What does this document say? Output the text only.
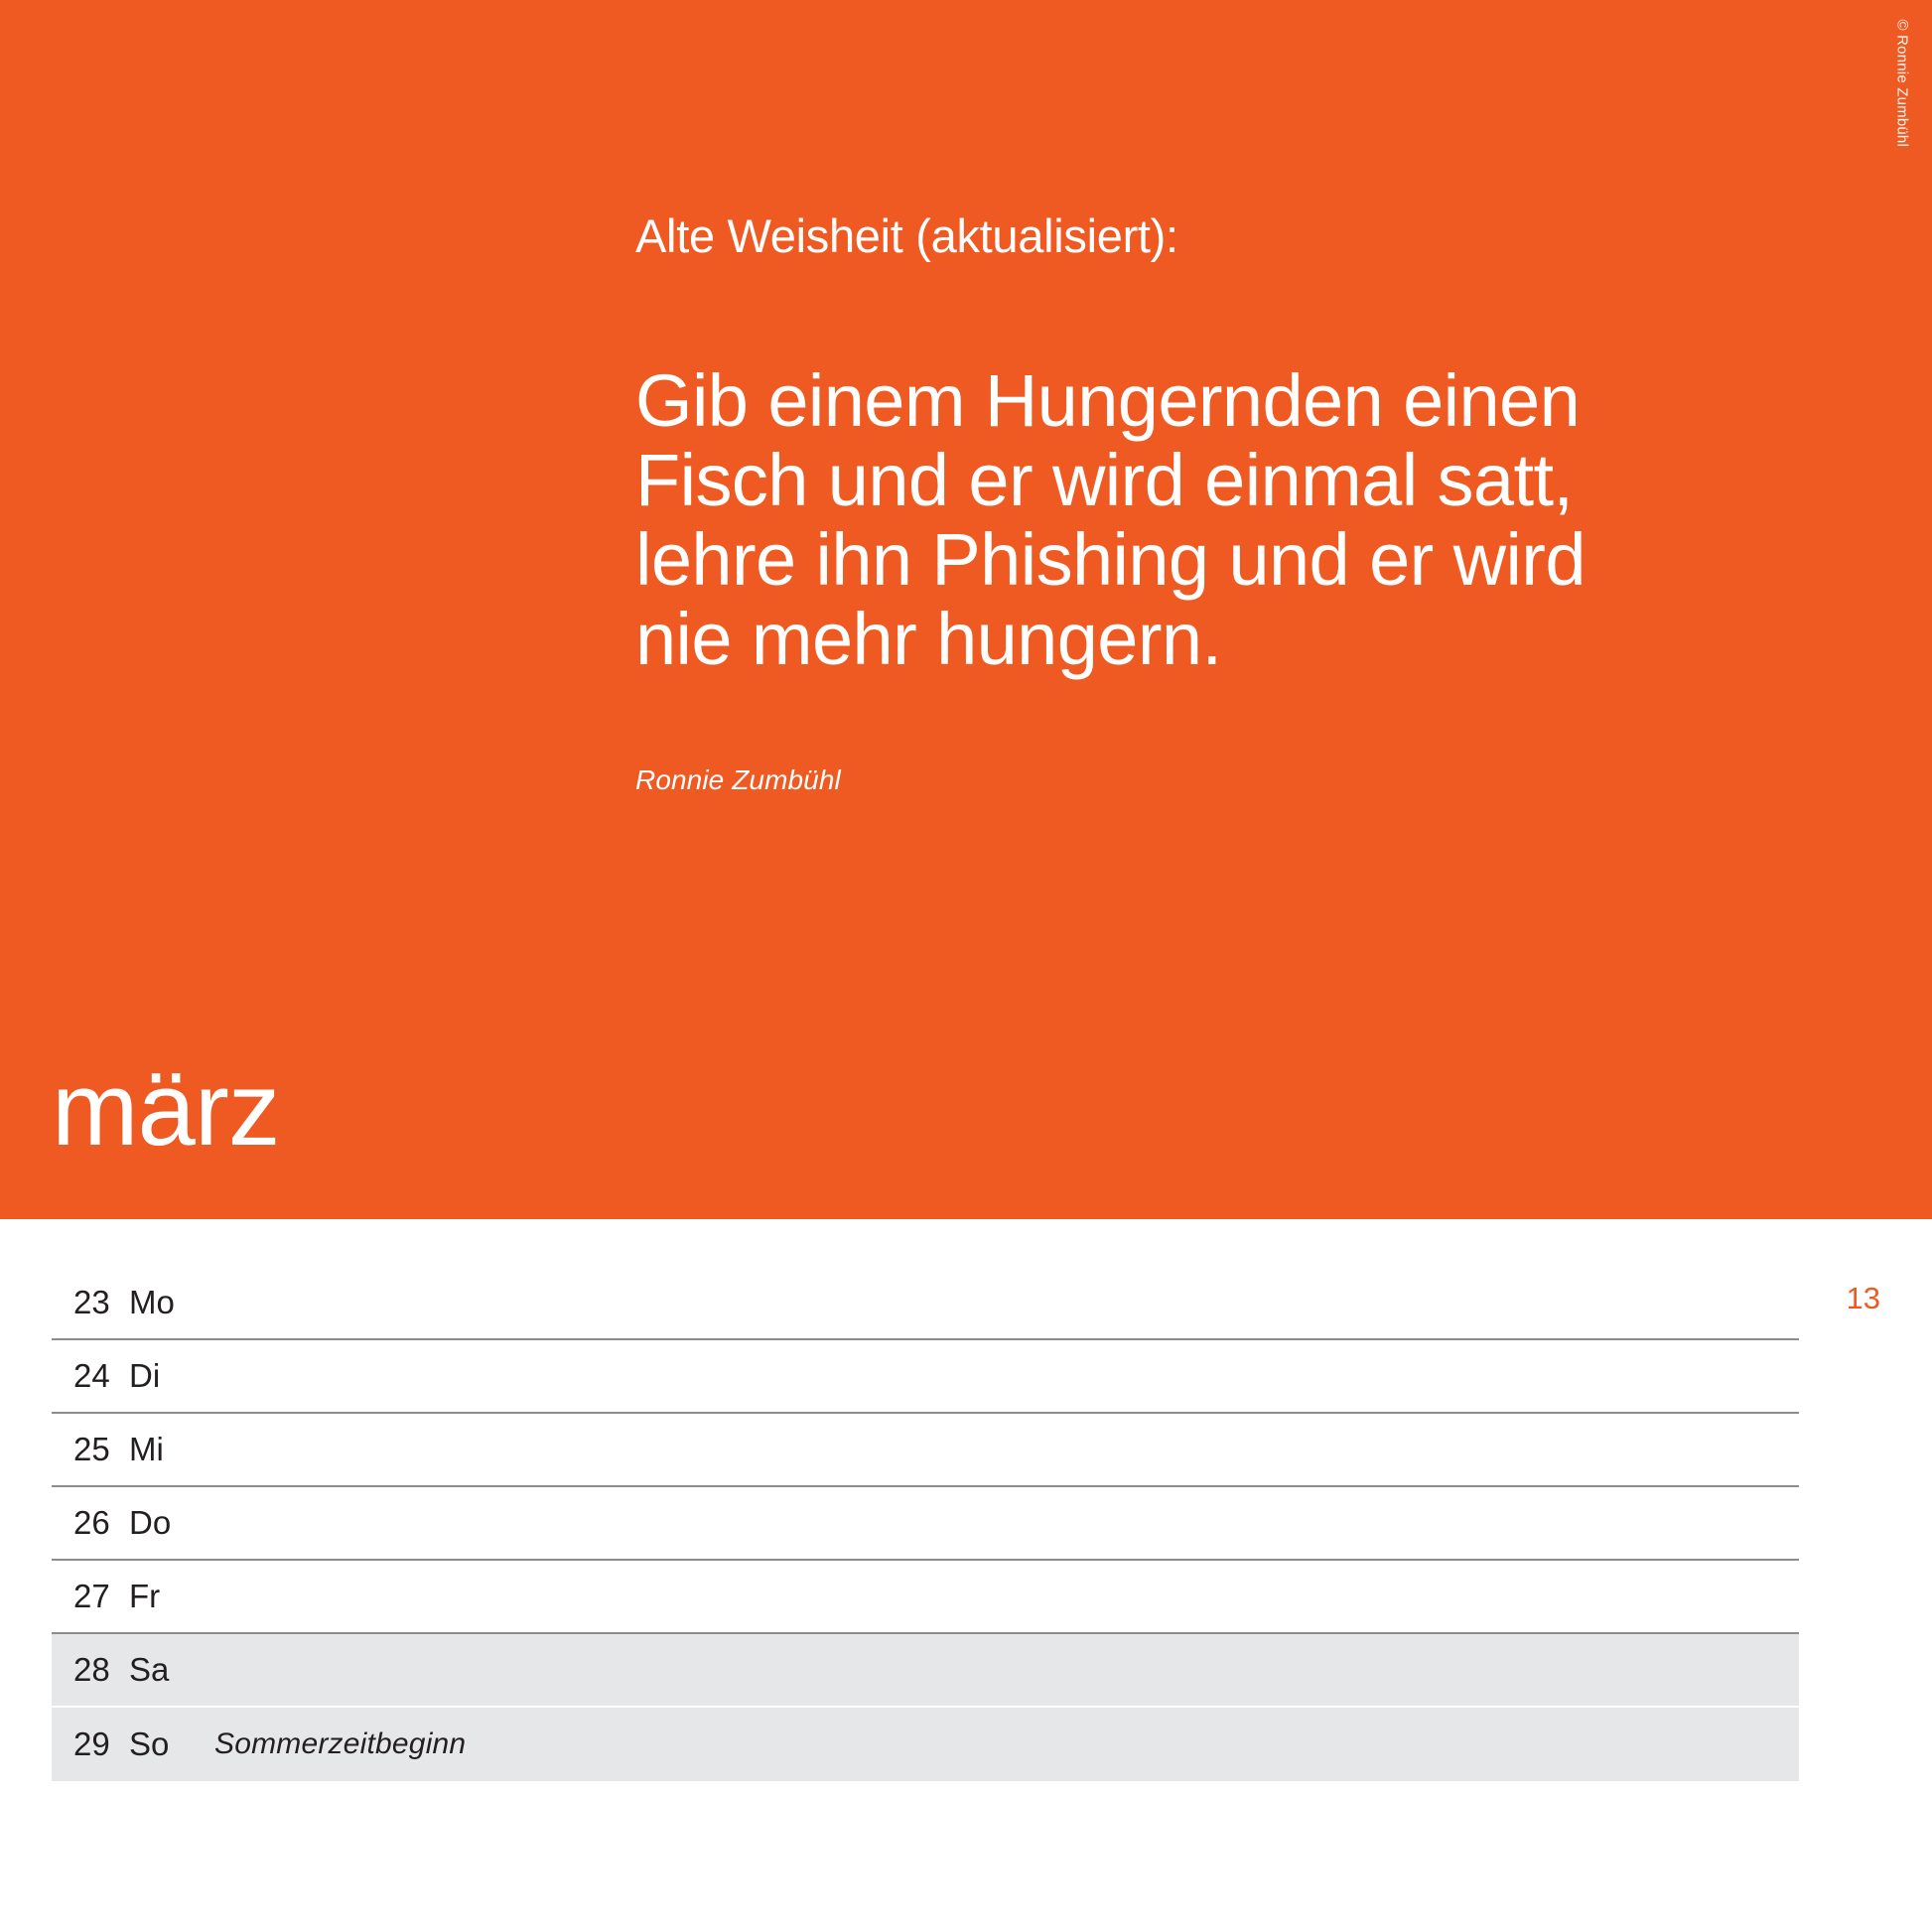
© Ronnie Zumbühl

Alte Weisheit (aktualisiert):

Gib einem Hungernden einen Fisch und er wird einmal satt, lehre ihn Phishing und er wird nie mehr hungern.

Ronnie Zumbühl
märz
13
23 Mo
24 Di
25 Mi
26 Do
27 Fr
28 Sa
29 So	Sommerzeitbeginn
